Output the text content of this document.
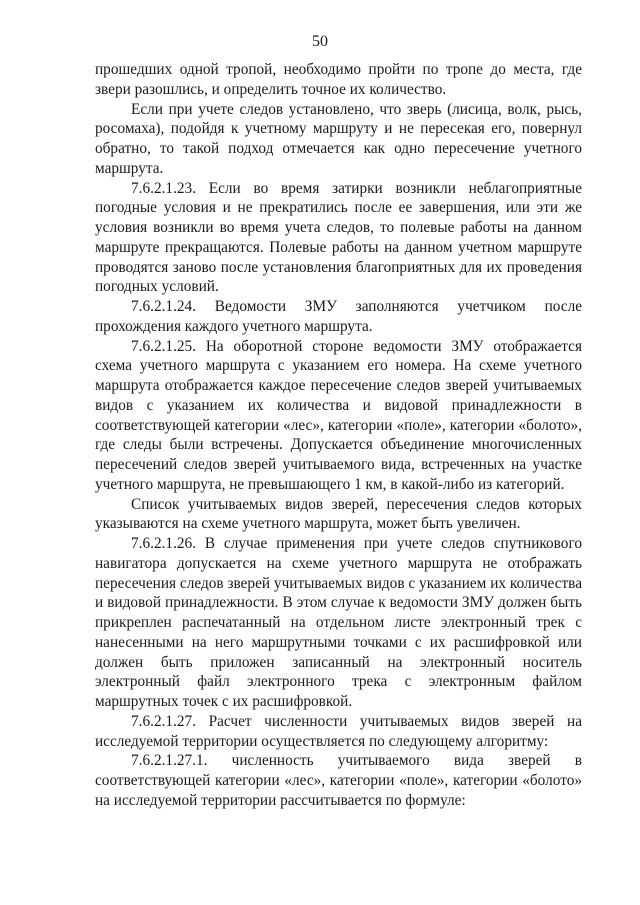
50

прошедших одной тропой, необходимо пройти по тропе до места, где звери разошлись, и определить точное их количество.

Если при учете следов установлено, что зверь (лисица, волк, рысь, росомаха), подойдя к учетному маршруту и не пересекая его, повернул обратно, то такой подход отмечается как одно пересечение учетного маршрута.

7.6.2.1.23. Если во время затирки возникли неблагоприятные погодные условия и не прекратились после ее завершения, или эти же условия возникли во время учета следов, то полевые работы на данном маршруте прекращаются. Полевые работы на данном учетном маршруте проводятся заново после установления благоприятных для их проведения погодных условий.

7.6.2.1.24. Ведомости ЗМУ заполняются учетчиком после прохождения каждого учетного маршрута.

7.6.2.1.25. На оборотной стороне ведомости ЗМУ отображается схема учетного маршрута с указанием его номера. На схеме учетного маршрута отображается каждое пересечение следов зверей учитываемых видов с указанием их количества и видовой принадлежности в соответствующей категории «лес», категории «поле», категории «болото», где следы были встречены. Допускается объединение многочисленных пересечений следов зверей учитываемого вида, встреченных на участке учетного маршрута, не превышающего 1 км, в какой-либо из категорий.

Список учитываемых видов зверей, пересечения следов которых указываются на схеме учетного маршрута, может быть увеличен.

7.6.2.1.26. В случае применения при учете следов спутникового навигатора допускается на схеме учетного маршрута не отображать пересечения следов зверей учитываемых видов с указанием их количества и видовой принадлежности. В этом случае к ведомости ЗМУ должен быть прикреплен распечатанный на отдельном листе электронный трек с нанесенными на него маршрутными точками с их расшифровкой или должен быть приложен записанный на электронный носитель электронный файл электронного трека с электронным файлом маршрутных точек с их расшифровкой.

7.6.2.1.27. Расчет численности учитываемых видов зверей на исследуемой территории осуществляется по следующему алгоритму:

7.6.2.1.27.1. численность учитываемого вида зверей в соответствующей категории «лес», категории «поле», категории «болото» на исследуемой территории рассчитывается по формуле:
